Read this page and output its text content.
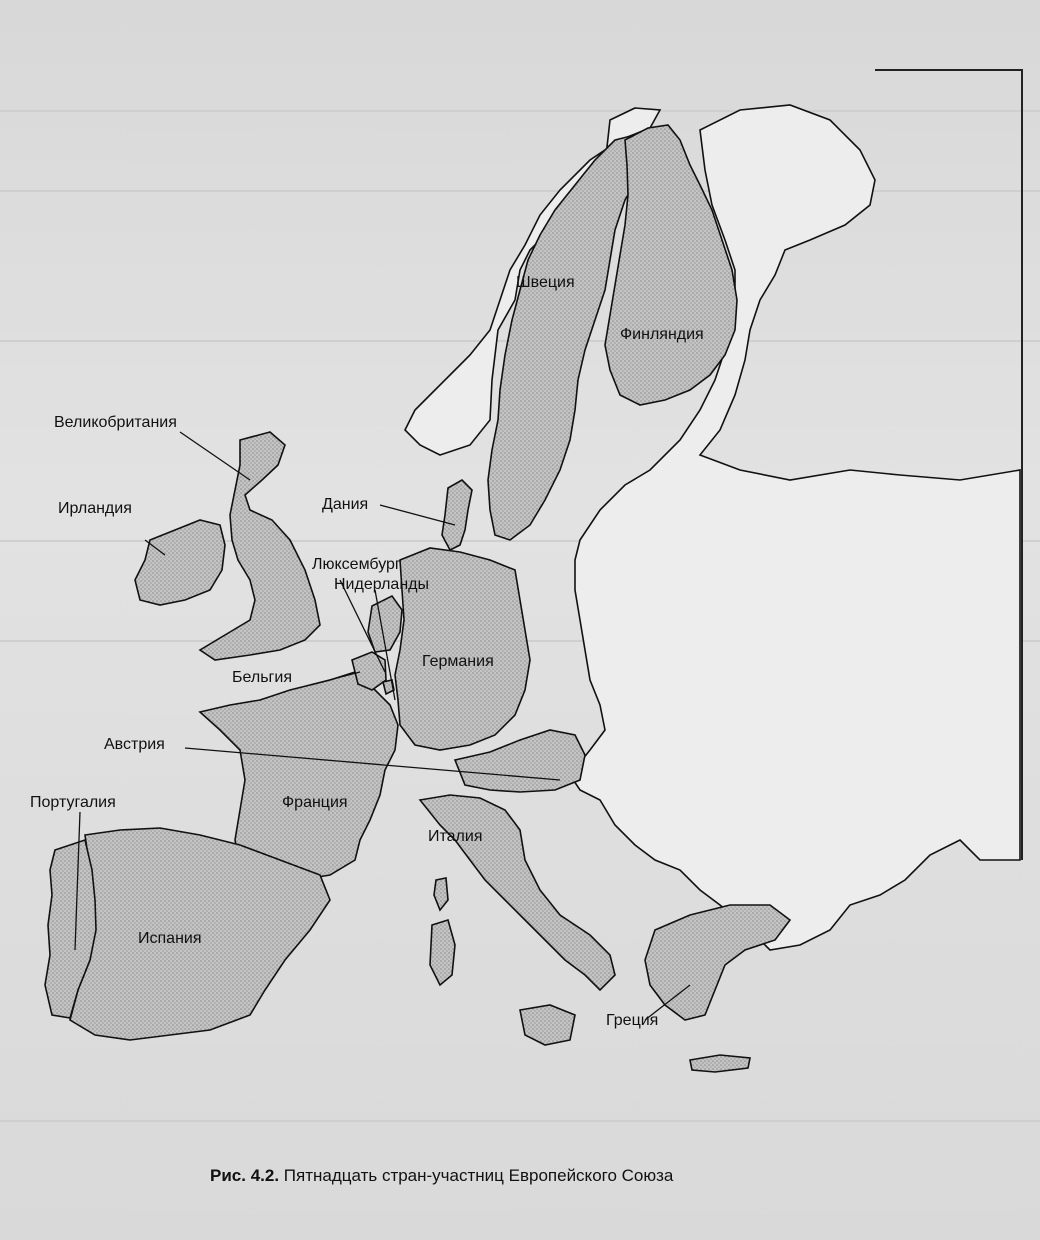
Швеция
Финляндия
Великобритания
Ирландия	Дания
Люксембург
Нидерланды
Германия
Бельгия
Австрия
Португалия	Франция
Италия
Испания
Греция
Рис. 4.2. Пятнадцать стран-участниц Европейского Союза
